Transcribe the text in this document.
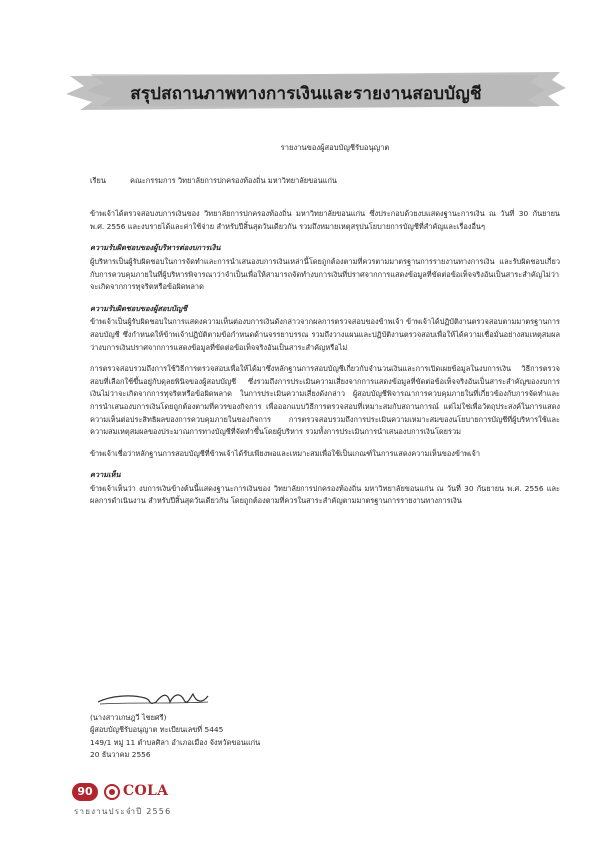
สรุปสถานภาพทางการเงินและรายงานสอบบัญชี
รายงานของผู้สอบบัญชีรับอนุญาต
เรียน	คณะกรรมการ วิทยาลัยการปกครองท้องถิ่น มหาวิทยาลัยขอนแก่น

ข้าพเจ้าได้ตรวจสอบงบการเงินของ วิทยาลัยการปกครองท้องถิ่น มหาวิทยาลัยขอนแก่น ซึ่งประกอบด้วยงบแสดงฐานะการเงิน ณ วันที่ 30 กันยายน พ.ศ. 2556 และงบรายได้และค่าใช้จ่าย สำหรับปีสิ้นสุดวันเดียวกัน รวมถึงหมายเหตุสรุปนโยบายการบัญชีที่สำคัญและเรื่องอื่นๆ

ความรับผิดชอบของผู้บริหารต่องบการเงิน

ผู้บริหารเป็นผู้รับผิดชอบในการจัดทำและการนำเสนองบการเงินเหล่านี้โดยถูกต้องตามที่ควรตามมาตรฐานการรายงานทางการเงิน และรับผิดชอบเกี่ยวกับการควบคุมภายในที่ผู้บริหารพิจารณาว่าจำเป็นเพื่อให้สามารถจัดทำงบการเงินที่ปราศจากการแสดงข้อมูลที่ขัดต่อข้อเท็จจริงอันเป็นสาระสำคัญไม่ว่าจะเกิดจากการทุจริตหรือข้อผิดพลาด

ความรับผิดชอบของผู้สอบบัญชี

ข้าพเจ้าเป็นผู้รับผิดชอบในการแสดงความเห็นต่องบการเงินดังกล่าวจากผลการตรวจสอบของข้าพเจ้า ข้าพเจ้าได้ปฏิบัติงานตรวจสอบตามมาตรฐานการสอบบัญชี ซึ่งกำหนดให้ข้าพเจ้าปฏิบัติตามข้อกำหนดด้านจรรยาบรรณ รวมถึงวางแผนและปฏิบัติงานตรวจสอบเพื่อให้ได้ความเชื่อมั่นอย่างสมเหตุสมผลว่างบการเงินปราศจากการแสดงข้อมูลที่ขัดต่อข้อเท็จจริงอันเป็นสาระสำคัญหรือไม่

การตรวจสอบรวมถึงการใช้วิธีการตรวจสอบเพื่อให้ได้มาซึ่งหลักฐานการสอบบัญชีเกี่ยวกับจำนวนเงินและการเปิดเผยข้อมูลในงบการเงิน วิธีการตรวจสอบที่เลือกใช้ขึ้นอยู่กับดุลยพินิจของผู้สอบบัญชี ซึ่งรวมถึงการประเมินความเสี่ยงจากการแสดงข้อมูลที่ขัดต่อข้อเท็จจริงอันเป็นสาระสำคัญของงบการเงินไม่ว่าจะเกิดจากการทุจริตหรือข้อผิดพลาด ในการประเมินความเสี่ยงดังกล่าว ผู้สอบบัญชีพิจารณาการควบคุมภายในที่เกี่ยวข้องกับการจัดทำและการนำเสนองบการเงินโดยถูกต้องตามที่ควรของกิจการ เพื่อออกแบบวิธีการตรวจสอบที่เหมาะสมกับสถานการณ์ แต่ไม่ใช่เพื่อวัตถุประสงค์ในการแสดงความเห็นต่อประสิทธิผลของการควบคุมภายในของกิจการ การตรวจสอบรวมถึงการประเมินความเหมาะสมของนโยบายการบัญชีที่ผู้บริหารใช้และความสมเหตุสมผลของประมาณการทางบัญชีที่จัดทำขึ้นโดยผู้บริหาร รวมทั้งการประเมินการนำเสนองบการเงินโดยรวม

ข้าพเจ้าเชื่อว่าหลักฐานการสอบบัญชีที่ข้าพเจ้าได้รับเพียงพอและเหมาะสมเพื่อใช้เป็นเกณฑ์ในการแสดงความเห็นของข้าพเจ้า

ความเห็น

ข้าพเจ้าเห็นว่า งบการเงินข้างต้นนี้แสดงฐานะการเงินของ วิทยาลัยการปกครองท้องถิ่น มหาวิทยาลัยขอนแก่น ณ วันที่ 30 กันยายน พ.ศ. 2556 และผลการดำเนินงาน สำหรับปีสิ้นสุดวันเดียวกัน โดยถูกต้องตามที่ควรในสาระสำคัญตามมาตรฐานการรายงานทางการเงิน

(นางสาวเกษฎวี ไชยศรี)
ผู้สอบบัญชีรับอนุญาต ทะเบียนเลขที่ 5445
149/1 หมู่ 11 ตำบลศิลา อำเภอเมือง จังหวัดขอนแก่น
20 ธันวาคม 2556
90	COLA
รายงานประจำปี 2556
